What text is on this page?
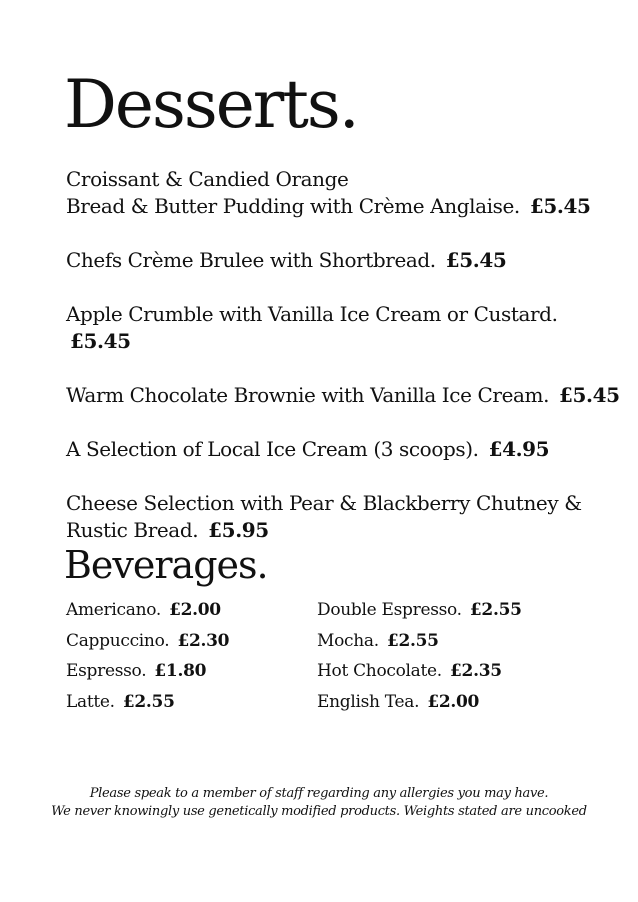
Desserts.
Croissant & Candied Orange
Bread & Butter Pudding with Crème Anglaise. £5.45
Chefs Crème Brulee with Shortbread. £5.45
Apple Crumble with Vanilla Ice Cream or Custard. £5.45
Warm Chocolate Brownie with Vanilla Ice Cream. £5.45
A Selection of Local Ice Cream (3 scoops). £4.95
Cheese Selection with Pear & Blackberry Chutney &
Rustic Bread. £5.95
Beverages.
Americano. £2.00
Cappuccino. £2.30
Espresso. £1.80
Latte. £2.55
Double Espresso. £2.55
Mocha. £2.55
Hot Chocolate. £2.35
English Tea. £2.00
Please speak to a member of staff regarding any allergies you may have.
We never knowingly use genetically modified products. Weights stated are uncooked
